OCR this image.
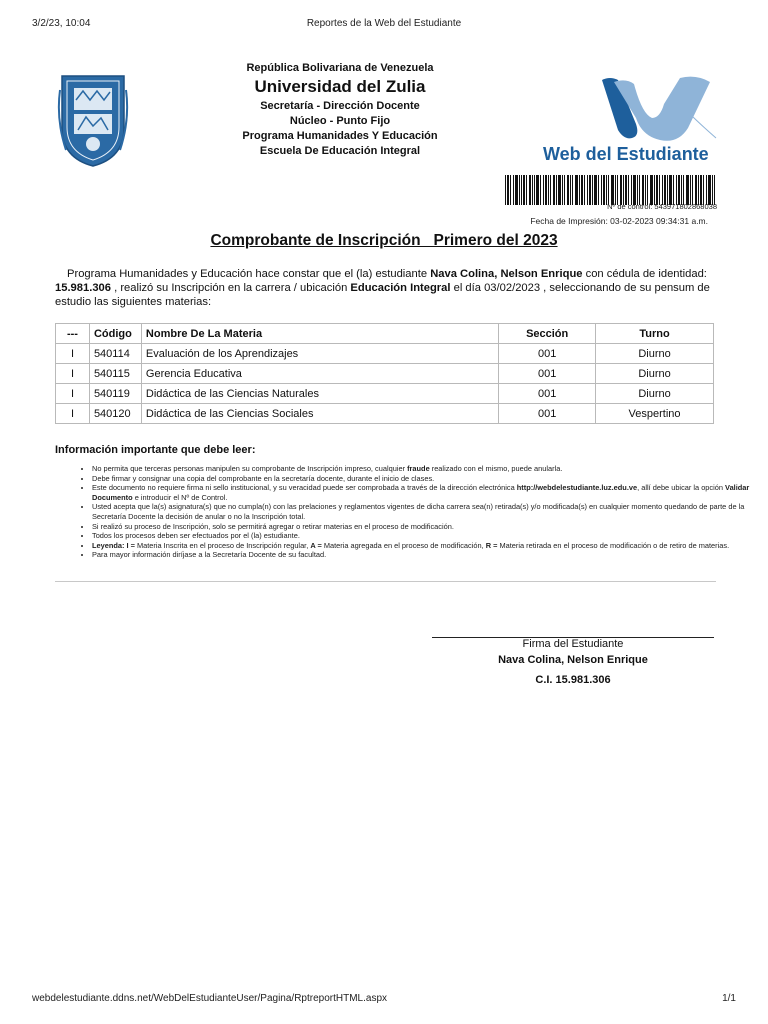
3/2/23, 10:04	Reportes de la Web del Estudiante
República Bolivariana de Venezuela
Universidad del Zulia
Secretaría - Dirección Docente
Núcleo - Punto Fijo
Programa Humanidades Y Educación
Escuela De Educación Integral	Web del Estudiante
Nº de control: 543971802868038
Fecha de Impresión: 03-02-2023 09:34:31 a.m.
Comprobante de Inscripción   Primero del 2023
Programa Humanidades y Educación hace constar que el (la) estudiante Nava Colina, Nelson Enrique con cédula de identidad: 15.981.306 , realizó su Inscripción en la carrera / ubicación Educación Integral el día 03/02/2023 , seleccionando de su pensum de estudio las siguientes materias:
---	Código	Nombre De La Materia	Sección	Turno
I	540114	Evaluación de los Aprendizajes	001	Diurno
I	540115	Gerencia Educativa	001	Diurno
I	540119	Didáctica de las Ciencias Naturales	001	Diurno
I	540120	Didáctica de las Ciencias Sociales	001	Vespertino
Información importante que debe leer:
• No permita que terceras personas manipulen su comprobante de Inscripción impreso, cualquier fraude realizado con el mismo, puede anularla.
• Debe firmar y consignar una copia del comprobante en la secretaría docente, durante el inicio de clases.
• Este documento no requiere firma ni sello institucional, y su veracidad puede ser comprobada a través de la dirección electrónica http://webdelestudiante.luz.edu.ve, allí debe ubicar la opción Validar Documento e introducir el Nº de Control.
• Usted acepta que la(s) asignatura(s) que no cumpla(n) con las prelaciones y reglamentos vigentes de dicha carrera sea(n) retirada(s) y/o modificada(s) en cualquier momento quedando de parte de la Secretaría Docente la decisión de anular o no la Inscripción total.
• Si realizó su proceso de Inscripción, solo se permitirá agregar o retirar materias en el proceso de modificación.
• Todos los procesos deben ser efectuados por el (la) estudiante.
• Leyenda: I = Materia Inscrita en el proceso de Inscripción regular, A = Materia agregada en el proceso de modificación, R = Materia retirada en el proceso de modificación o de retiro de materias.
• Para mayor información diríjase a la Secretaría Docente de su facultad.
Firma del Estudiante
Nava Colina, Nelson Enrique
C.I. 15.981.306
webdelestudiante.ddns.net/WebDelEstudianteUser/Pagina/RptreportHTML.aspx	1/1
